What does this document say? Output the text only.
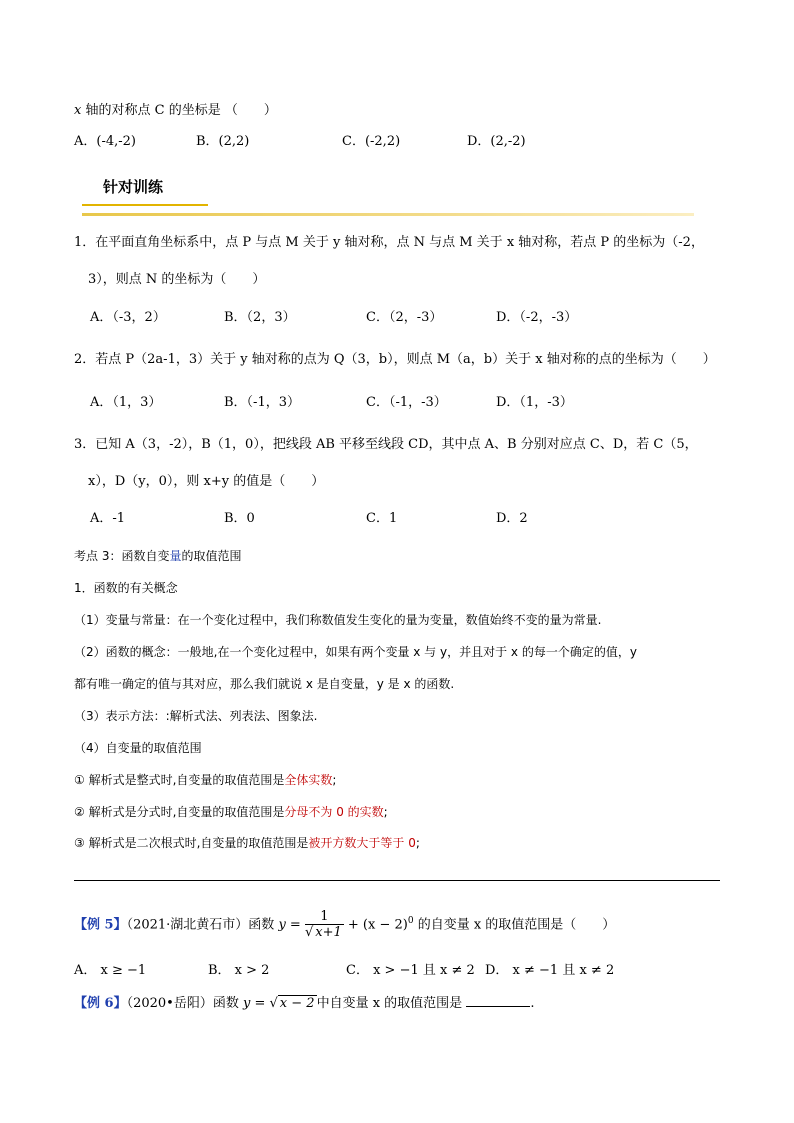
x 轴的对称点 C 的坐标是 （　　）
A．(-4,-2)	B．(2,2)	C．(-2,2)	D．(2,-2)
针对训练
1．在平面直角坐标系中，点 P 与点 M 关于 y 轴对称，点 N 与点 M 关于 x 轴对称，若点 P 的坐标为（-2，
3），则点 N 的坐标为（　　）
A．（-3，2）	B．（2，3）	C．（2，-3）	D．（-2，-3）
2．若点 P（2a-1，3）关于 y 轴对称的点为 Q（3，b），则点 M（a，b）关于 x 轴对称的点的坐标为（　　）
A．（1，3）	B．（-1，3）	C．（-1，-3）	D．（1，-3）
3．已知 A（3，-2），B（1，0），把线段 AB 平移至线段 CD，其中点 A、B 分别对应点 C、D，若 C（5，
x），D（y，0），则 x+y 的值是（　　）
A．-1	B．0	C．1	D．2
考点 3：函数自变量的取值范围
1．函数的有关概念
（1）变量与常量：在一个变化过程中，我们称数值发生变化的量为变量，数值始终不变的量为常量.
（2）函数的概念：一般地,在一个变化过程中，如果有两个变量 x 与 y，并且对于 x 的每一个确定的值，y
都有唯一确定的值与其对应，那么我们就说 x 是自变量，y 是 x 的函数.
（3）表示方法：:解析式法、列表法、图象法.
（4）自变量的取值范围
① 解析式是整式时,自变量的取值范围是全体实数;
② 解析式是分式时,自变量的取值范围是分母不为 0 的实数;
③ 解析式是二次根式时,自变量的取值范围是被开方数大于等于 0;
【例 5】（2021·湖北黄石市）函数 $y = \frac{1}{√ x+1} + (x - 2)^0$ 的自变量 x 的取值范围是（　　）
A． x ≥ −1	B． x > 2	C． x > −1 且 x ≠ 2 D． x ≠ −1 且 x ≠ 2
【例 6】（2020•岳阳）函数 y = √ x − 2 中自变量 x 的取值范围是	.
